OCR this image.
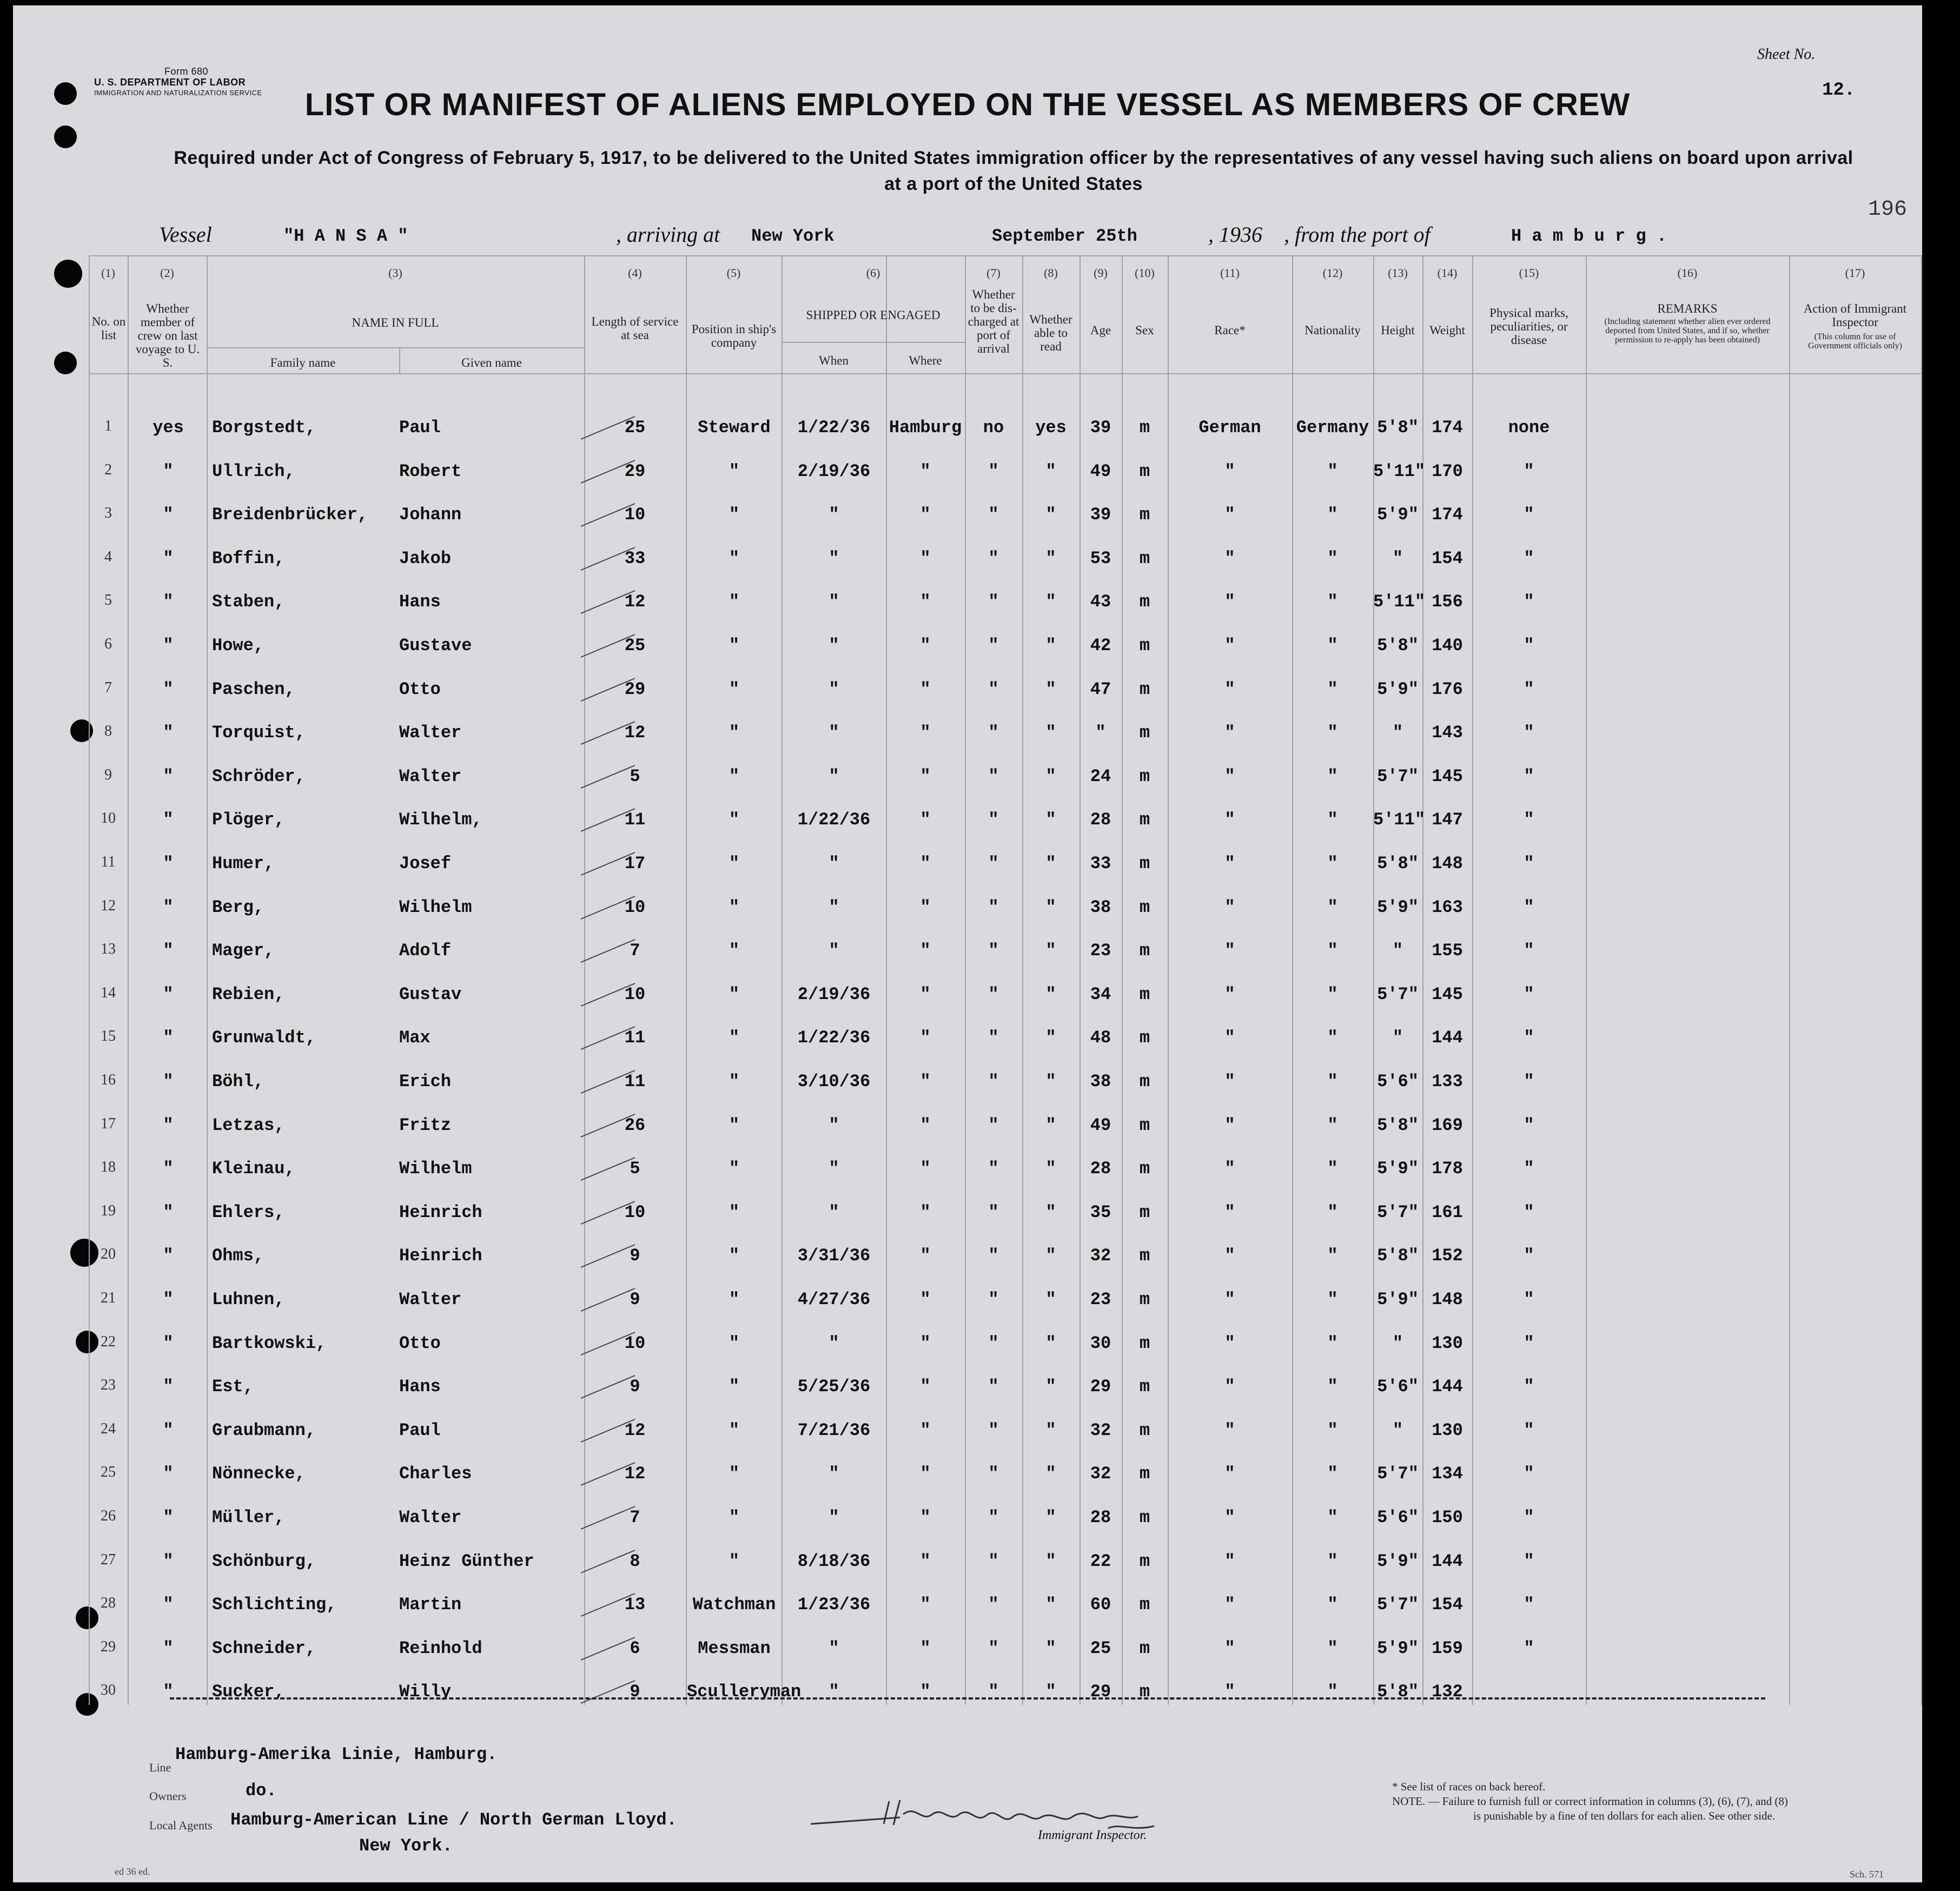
Form 680
U. S. DEPARTMENT OF LABOR
IMMIGRATION AND NATURALIZATION SERVICE
Sheet No.
12.
196
LIST OR MANIFEST OF ALIENS EMPLOYED ON THE VESSEL AS MEMBERS OF CREW
Required under Act of Congress of February 5, 1917, to be delivered to the United States immigration officer by the representatives of any vessel having such aliens on board upon arrival
at a port of the United States
Vessel	"H A N S A "	, arriving at New York	September 25th	, 1936 , from the port of	H a m b u r g .
(1)	(2)	(3)	(4)	(5)	(6)	(7)	(8)	(9)	(10)	(11)	(12)	(13)	(14)	(15)	(16)	(17)
No. on list
Whether member of crew on last voyage to U. S.
NAME IN FULL
Family name	Given name
Length of service at sea	Position in ship's company
SHIPPED OR ENGAGED
When	Where
Whether to be dis-charged at port of arrival
Whether able to read
Age	Sex	Race*	Nationality	Height	Weight
Physical marks, peculiarities, or disease
REMARKS
(Including statement whether alien ever ordered deported from United States, and if so, whether permission to re-apply has been obtained)
Action of Immigrant Inspector
(This column for use of Government officials only)
1	yes	Borgstedt,	Paul	25	Steward	1/22/36	Hamburg	no	yes	39	m	German	Germany 5'8" 174	none
2	"	Ullrich,	Robert	29	"	2/19/36	"	"	"	49	m	"	"	5'11" 170	"
3	"	Breidenbrücker,	Johann	10	"	"	"	"	"	39	m	"	"	5'9" 174	"
4	"	Boffin,	Jakob	33	"	"	"	"	"	53	m	"	"	"	154	"
5	"	Staben,	Hans	12	"	"	"	"	"	43	m	"	"	5'11" 156	"
6	"	Howe,	Gustave	25	"	"	"	"	"	42	m	"	"	5'8" 140	"
7	"	Paschen,	Otto	29	"	"	"	"	"	47	m	"	"	5'9" 176	"
8	"	Torquist,	Walter	12	"	"	"	"	"	"	m	"	"	"	143	"
9	"	Schröder,	Walter	5	"	"	"	"	"	24	m	"	"	5'7" 145	"
10	"	Plöger,	Wilhelm,	11	"	1/22/36	"	"	"	28	m	"	"	5'11" 147	"
11	"	Humer,	Josef	17	"	"	"	"	"	33	m	"	"	5'8" 148	"
12	"	Berg,	Wilhelm	10	"	"	"	"	"	38	m	"	"	5'9" 163	"
13	"	Mager,	Adolf	7	"	"	"	"	"	23	m	"	"	"	155	"
14	"	Rebien,	Gustav	10	"	2/19/36	"	"	"	34	m	"	"	5'7" 145	"
15	"	Grunwaldt,	Max	11	"	1/22/36	"	"	"	48	m	"	"	"	144	"
16	"	Böhl,	Erich	11	"	3/10/36	"	"	"	38	m	"	"	5'6" 133	"
17	"	Letzas,	Fritz	26	"	"	"	"	"	49	m	"	"	5'8" 169	"
18	"	Kleinau,	Wilhelm	5	"	"	"	"	"	28	m	"	"	5'9" 178	"
19	"	Ehlers,	Heinrich	10	"	"	"	"	"	35	m	"	"	5'7" 161	"
20	"	Ohms,	Heinrich	9	"	3/31/36	"	"	"	32	m	"	"	5'8" 152	"
21	"	Luhnen,	Walter	9	"	4/27/36	"	"	"	23	m	"	"	5'9" 148	"
22	"	Bartkowski,	Otto	10	"	"	"	"	"	30	m	"	"	"	130	"
23	"	Est,	Hans	9	"	5/25/36	"	"	"	29	m	"	"	5'6" 144	"
24	"	Graubmann,	Paul	12	"	7/21/36	"	"	"	32	m	"	"	"	130	"
25	"	Nönnecke,	Charles	12	"	"	"	"	"	32	m	"	"	5'7" 134	"
26	"	Müller,	Walter	7	"	"	"	"	"	28	m	"	"	5'6" 150	"
27	"	Schönburg,	Heinz Günther	8	"	8/18/36	"	"	"	22	m	"	"	5'9" 144	"
28	"	Schlichting,	Martin	13	Watchman	1/23/36	"	"	"	60	m	"	"	5'7" 154	"
29	"	Schneider,	Reinhold	6	Messman	"	"	"	"	25	m	"	"	5'9" 159	"
30	"	Sucker,	Willy	9	Sculleryman	"	"	"	"	29	m	"	"	5'8" 132
Line
Hamburg-Amerika Linie, Hamburg.
Owners	do.
Local Agents Hamburg-American Line / North German Lloyd.
New York.
Immigrant Inspector.
* See list of races on back hereof.
NOTE. — Failure to furnish full or correct information in columns (3), (6), (7), and (8)
is punishable by a fine of ten dollars for each alien. See other side.
ed 36 ed.	Sch. 571
